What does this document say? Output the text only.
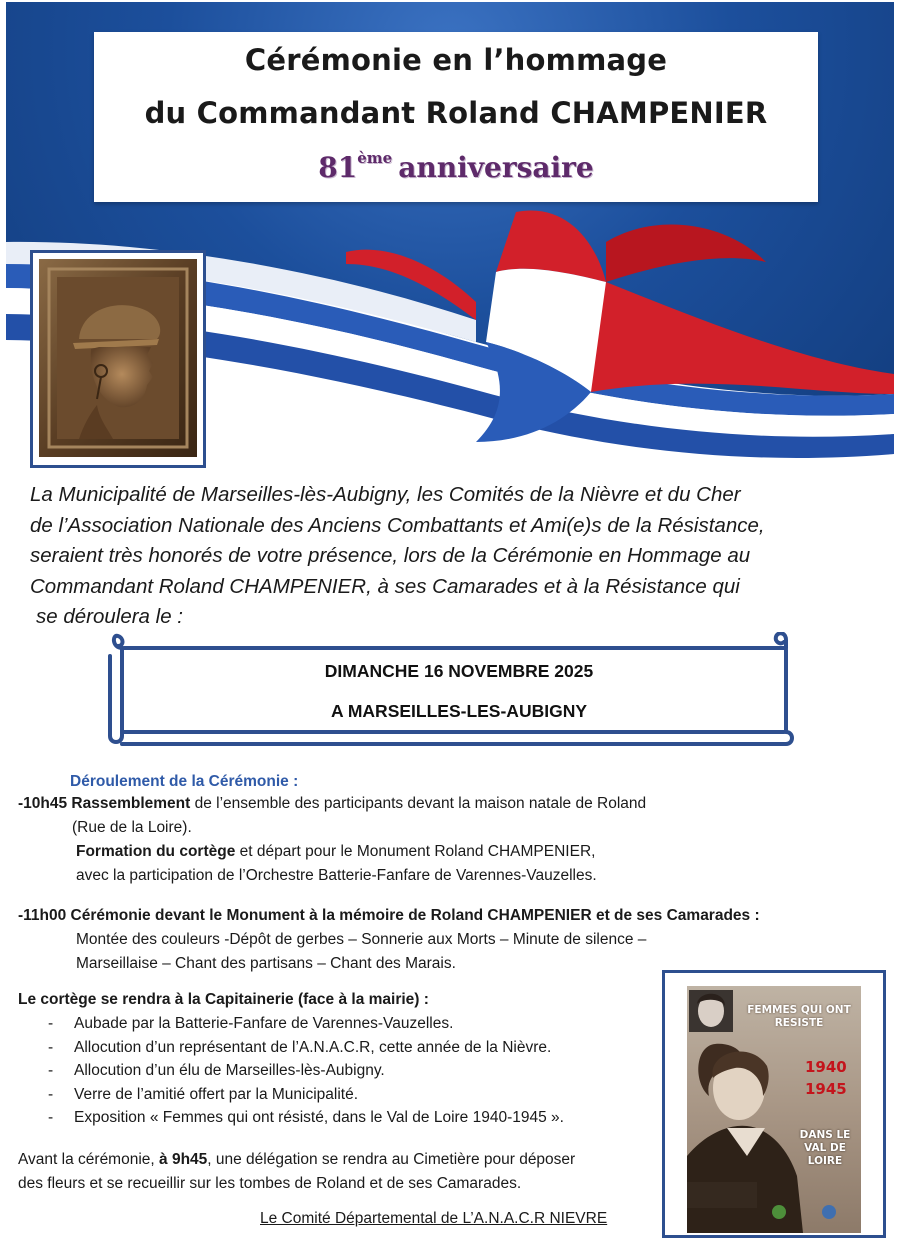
Cérémonie en l’hommage
du Commandant Roland CHAMPENIER
81ème anniversaire
La Municipalité de Marseilles-lès-Aubigny, les Comités de la Nièvre et du Cher
de l’Association Nationale des Anciens Combattants et Ami(e)s de la Résistance,
seraient très honorés de votre présence, lors de la Cérémonie en Hommage au
Commandant Roland CHAMPENIER, à ses Camarades et à la Résistance qui
se déroulera le :
DIMANCHE 16 NOVEMBRE 2025
A MARSEILLES-LES-AUBIGNY
Déroulement de la Cérémonie :
-10h45 Rassemblement de l’ensemble des participants devant la maison natale de Roland
(Rue de la Loire).
Formation du cortège et départ pour le Monument Roland CHAMPENIER,
avec la participation de l’Orchestre Batterie-Fanfare de Varennes-Vauzelles.
-11h00 Cérémonie devant le Monument à la mémoire de Roland CHAMPENIER et de ses Camarades :
Montée des couleurs -Dépôt de gerbes – Sonnerie aux Morts – Minute de silence –
Marseillaise – Chant des partisans – Chant des Marais.
Le cortège se rendra à la Capitainerie (face à la mairie) :
- Aubade par la Batterie-Fanfare de Varennes-Vauzelles.
- Allocution d’un représentant de l’A.N.A.C.R, cette année de la Nièvre.
- Allocution d’un élu de Marseilles-lès-Aubigny.
- Verre de l’amitié offert par la Municipalité.
- Exposition « Femmes qui ont résisté, dans le Val de Loire 1940-1945 ».
Avant la cérémonie, à 9h45, une délégation se rendra au Cimetière pour déposer
des fleurs et se recueillir sur les tombes de Roland et de ses Camarades.
Le Comité Départemental de L’A.N.A.C.R NIEVRE
FEMMES QUI ONT RESISTE
1940
1945
DANS LE VAL DE LOIRE
